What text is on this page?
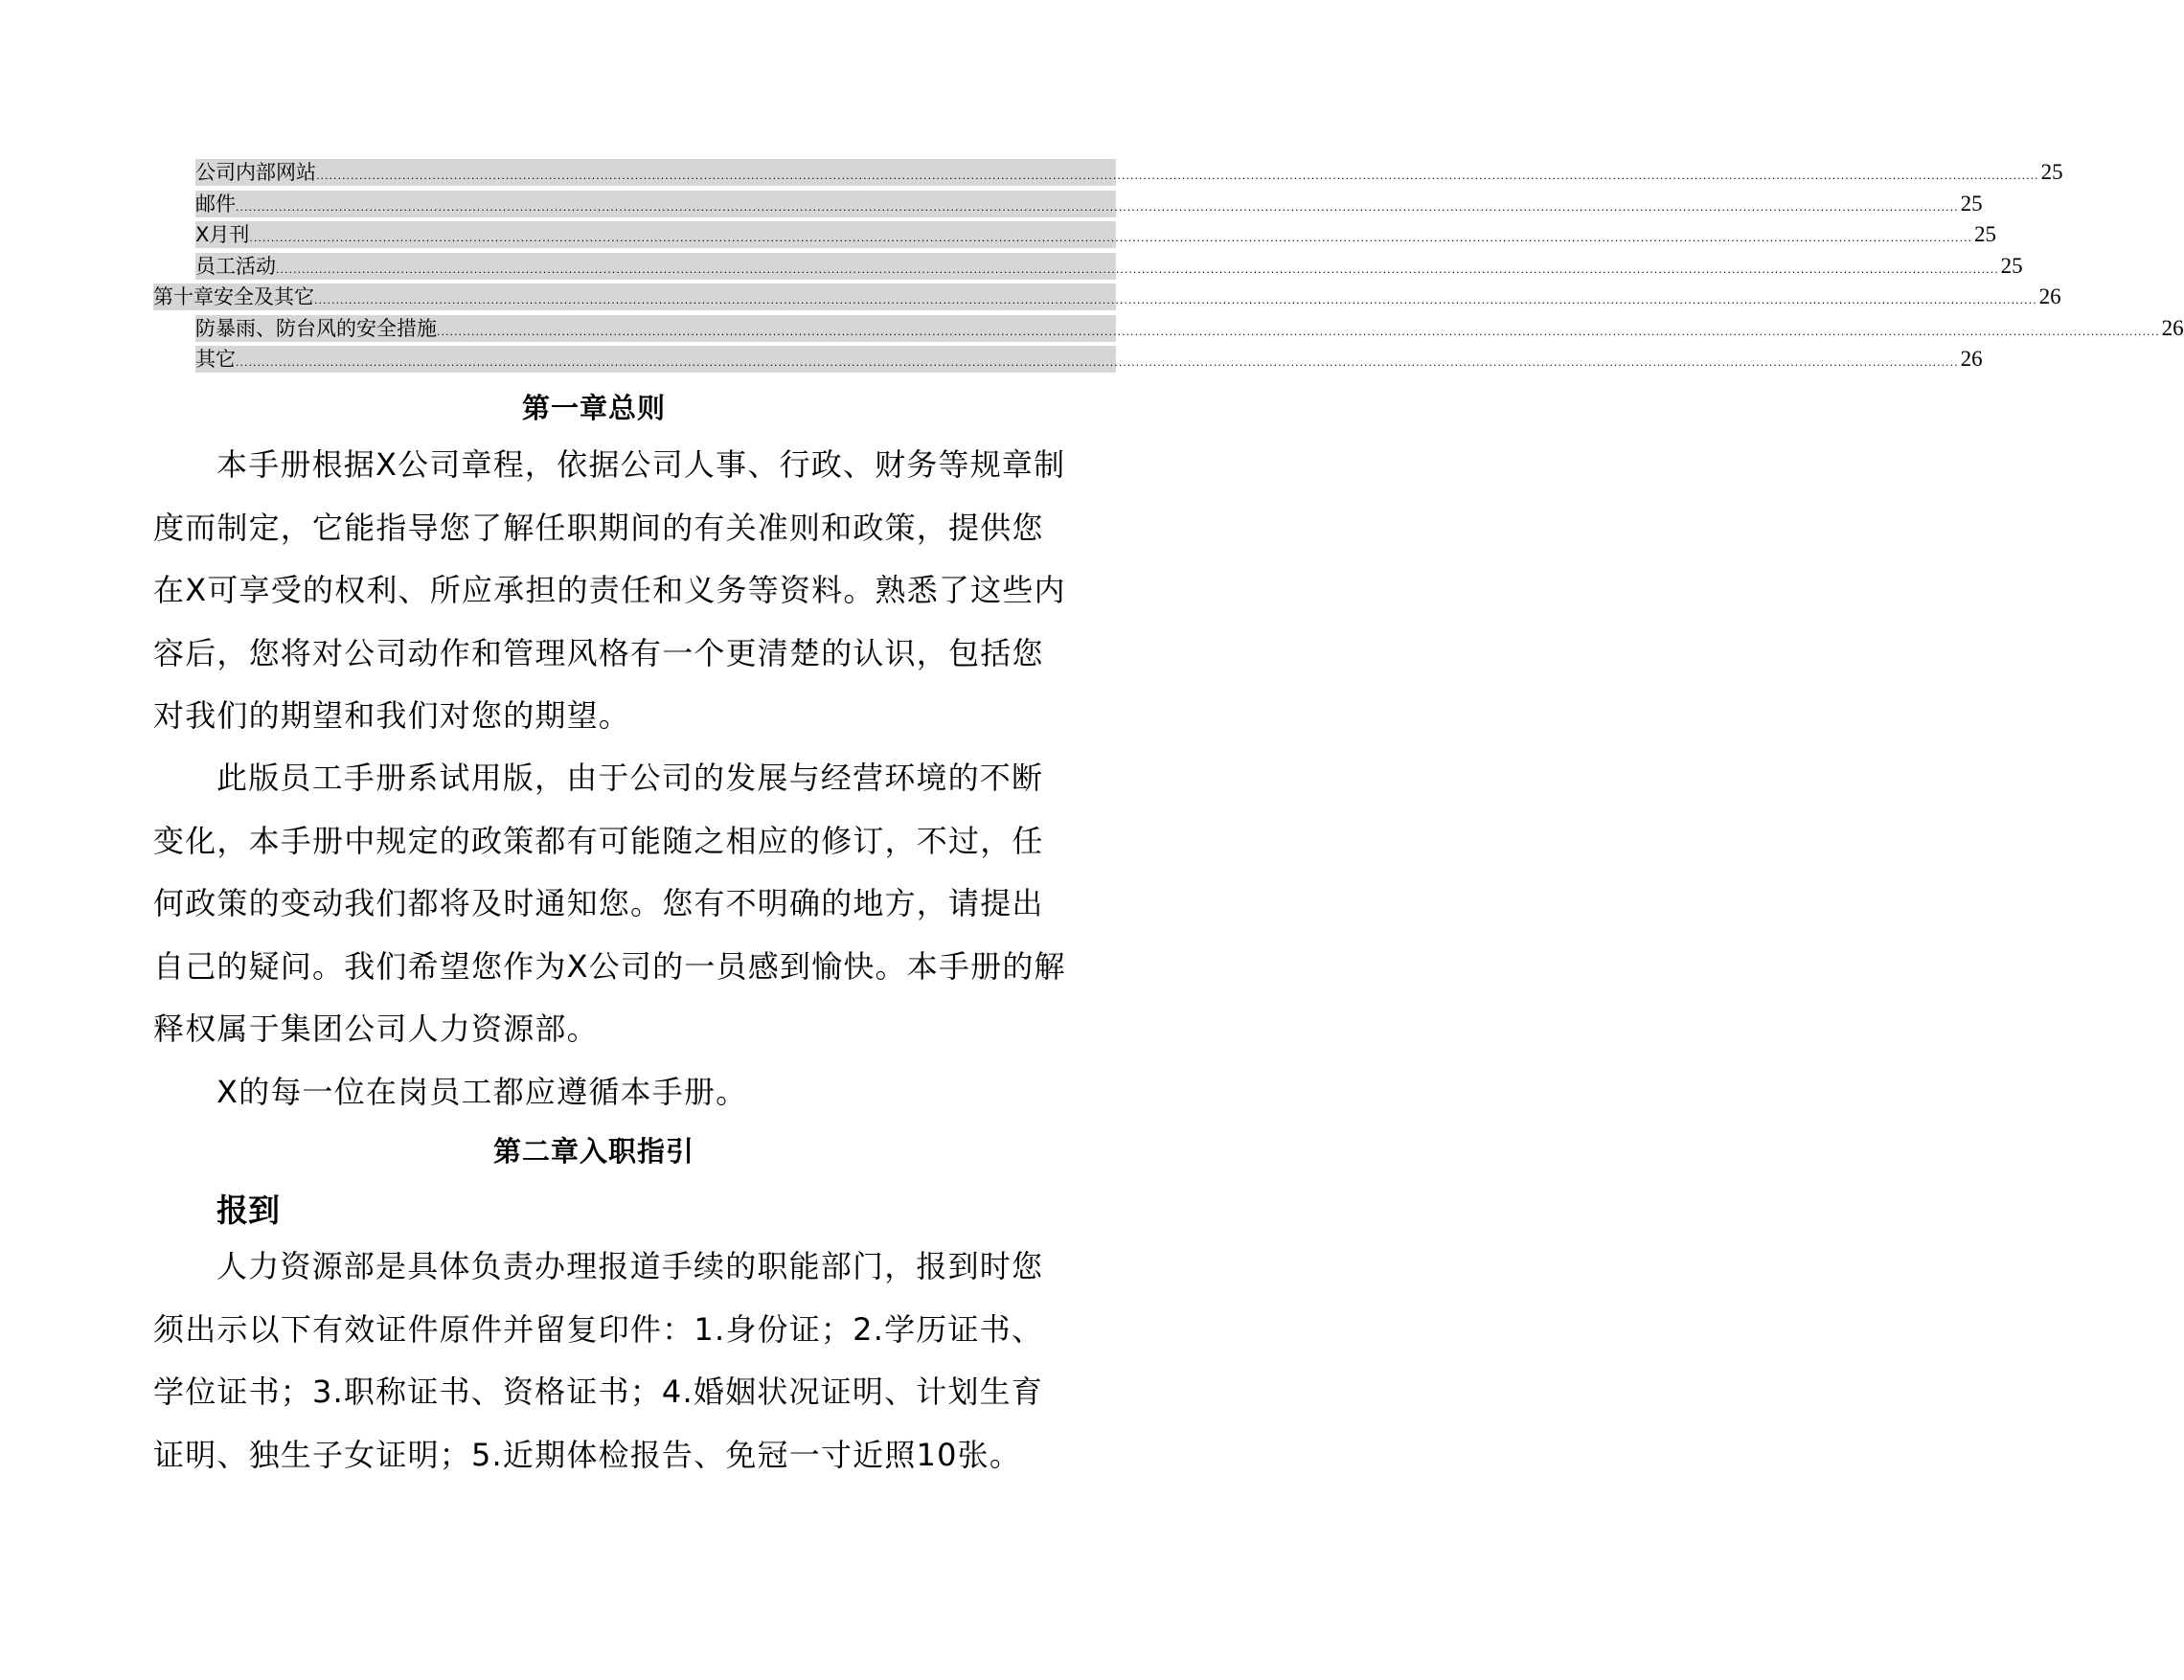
公司内部网站 ................................................................................................................................................................................................................................................................................................................................................................................................................ 25
邮件 ................................................................................................................................................................................................................................................................................................................................................................................................................ 25
X月刊 ................................................................................................................................................................................................................................................................................................................................................................................................................ 25
员工活动 ................................................................................................................................................................................................................................................................................................................................................................................................................ 25
第十章安全及其它 ................................................................................................................................................................................................................................................................................................................................................................................................................ 26
防暴雨、防台风的安全措施 ................................................................................................................................................................................................................................................................................................................................................................................................................ 26
其它 ................................................................................................................................................................................................................................................................................................................................................................................................................ 26
第一章总则

本手册根据X公司章程，依据公司人事、行政、财务等规章制度而制定，它能指导您了解任职期间的有关准则和政策，提供您在X可享受的权利、所应承担的责任和义务等资料。熟悉了这些内容后，您将对公司动作和管理风格有一个更清楚的认识，包括您对我们的期望和我们对您的期望。

此版员工手册系试用版，由于公司的发展与经营环境的不断变化，本手册中规定的政策都有可能随之相应的修订，不过，任何政策的变动我们都将及时通知您。您有不明确的地方，请提出自己的疑问。我们希望您作为X公司的一员感到愉快。本手册的解释权属于集团公司人力资源部。

X的每一位在岗员工都应遵循本手册。

第二章入职指引
报到

人力资源部是具体负责办理报道手续的职能部门，报到时您须出示以下有效证件原件并留复印件：1.身份证；2.学历证书、学位证书；3.职称证书、资格证书；4.婚姻状况证明、计划生育证明、独生子女证明；5.近期体检报告、免冠一寸近照10张。
